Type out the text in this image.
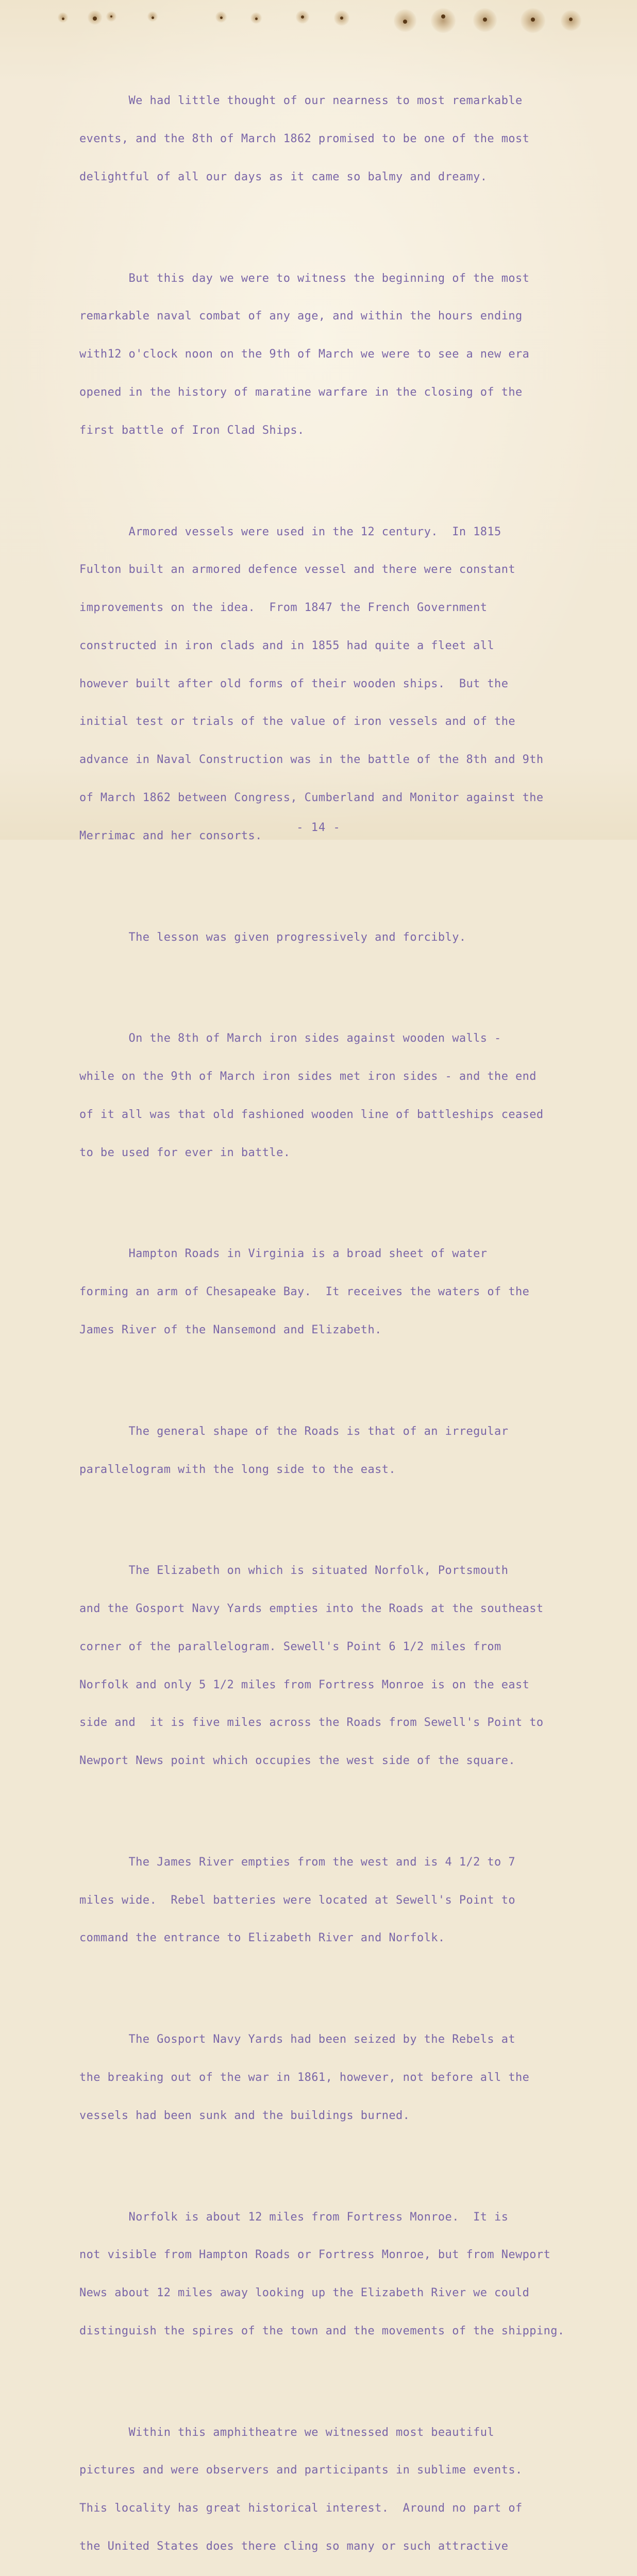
We had little thought of our nearness to most remarkable

events, and the 8th of March 1862 promised to be one of the most

delightful of all our days as it came so balmy and dreamy.

But this day we were to witness the beginning of the most

remarkable naval combat of any age, and within the hours ending

with12 o'clock noon on the 9th of March we were to see a new era

opened in the history of maratine warfare in the closing of the

first battle of Iron Clad Ships.

Armored vessels were used in the 12 century.  In 1815

Fulton built an armored defence vessel and there were constant

improvements on the idea.  From 1847 the French Government

constructed in iron clads and in 1855 had quite a fleet all

however built after old forms of their wooden ships.  But the

initial test or trials of the value of iron vessels and of the

advance in Naval Construction was in the battle of the 8th and 9th

of March 1862 between Congress, Cumberland and Monitor against the

Merrimac and her consorts.

The lesson was given progressively and forcibly.

On the 8th of March iron sides against wooden walls -

while on the 9th of March iron sides met iron sides - and the end

of it all was that old fashioned wooden line of battleships ceased

to be used for ever in battle.

Hampton Roads in Virginia is a broad sheet of water

forming an arm of Chesapeake Bay.  It receives the waters of the

James River of the Nansemond and Elizabeth.

The general shape of the Roads is that of an irregular

parallelogram with the long side to the east.

The Elizabeth on which is situated Norfolk, Portsmouth

and the Gosport Navy Yards empties into the Roads at the southeast

corner of the parallelogram. Sewell's Point 6 1/2 miles from

Norfolk and only 5 1/2 miles from Fortress Monroe is on the east

side and  it is five miles across the Roads from Sewell's Point to

Newport News point which occupies the west side of the square.

The James River empties from the west and is 4 1/2 to 7

miles wide.  Rebel batteries were located at Sewell's Point to

command the entrance to Elizabeth River and Norfolk.

The Gosport Navy Yards had been seized by the Rebels at

the breaking out of the war in 1861, however, not before all the

vessels had been sunk and the buildings burned.

Norfolk is about 12 miles from Fortress Monroe.  It is

not visible from Hampton Roads or Fortress Monroe, but from Newport

News about 12 miles away looking up the Elizabeth River we could

distinguish the spires of the town and the movements of the shipping.

Within this amphitheatre we witnessed most beautiful

pictures and were observers and participants in sublime events.

This locality has great historical interest.  Around no part of

the United States does there cling so many or such attractive

- 14 -
